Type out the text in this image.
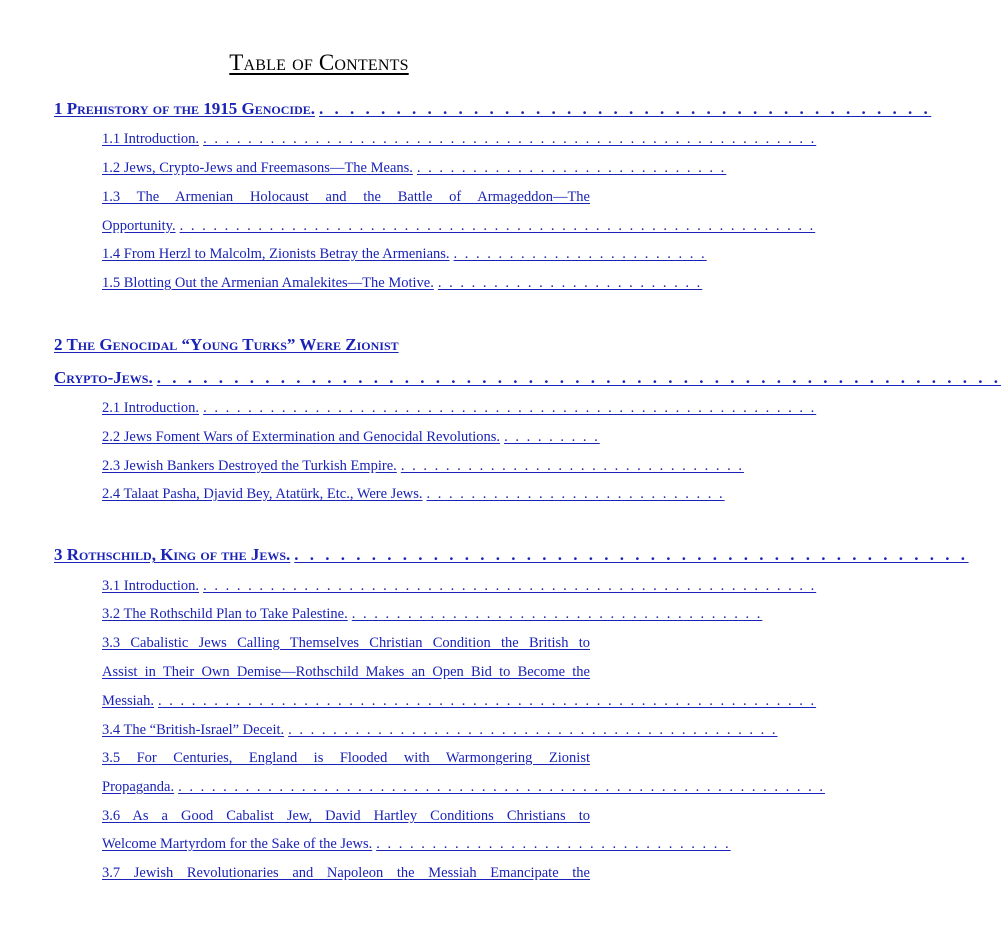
Table of Contents
1 Prehistory of the 1915 Genocide. . . . . . . . . . . . . . . . . . . . . . . . . . . . . . . . . . . . . . . . .
1.1 Introduction. . . . . . . . . . . . . . . . . . . . . . . . . . . . . . . . . . . . . . . . . . . . . . . . . . . . . . . .
1.2 Jews, Crypto-Jews and Freemasons—The Means. . . . . . . . . . . . . . . . . . . . . . . . . . . . .
1.3 The Armenian Holocaust and the Battle of Armageddon—The
Opportunity. . . . . . . . . . . . . . . . . . . . . . . . . . . . . . . . . . . . . . . . . . . . . . . . . . . . . . . . . .
1.4 From Herzl to Malcolm, Zionists Betray the Armenians. . . . . . . . . . . . . . . . . . . . . . . .
1.5 Blotting Out the Armenian Amalekites—The Motive. . . . . . . . . . . . . . . . . . . . . . . . .
2 The Genocidal “Young Turks” Were Zionist
Crypto-Jews. . . . . . . . . . . . . . . . . . . . . . . . . . . . . . . . . . . . . . . . . . . . . . . . . . . . . . . .
2.1 Introduction. . . . . . . . . . . . . . . . . . . . . . . . . . . . . . . . . . . . . . . . . . . . . . . . . . . . . . . .
2.2 Jews Foment Wars of Extermination and Genocidal Revolutions. . . . . . . . . .
2.3 Jewish Bankers Destroyed the Turkish Empire. . . . . . . . . . . . . . . . . . . . . . . . . . . . . . . .
2.4 Talaat Pasha, Djavid Bey, Atatürk, Etc., Were Jews. . . . . . . . . . . . . . . . . . . . . . . . . . . .
3 Rothschild, King of the Jews. . . . . . . . . . . . . . . . . . . . . . . . . . . . . . . . . . . . . . . . . . . . .
3.1 Introduction. . . . . . . . . . . . . . . . . . . . . . . . . . . . . . . . . . . . . . . . . . . . . . . . . . . . . . . .
3.2 The Rothschild Plan to Take Palestine. . . . . . . . . . . . . . . . . . . . . . . . . . . . . . . . . . . . . .
3.3 Cabalistic Jews Calling Themselves Christian Condition the British to
Assist in Their Own Demise—Rothschild Makes an Open Bid to Become the
Messiah. . . . . . . . . . . . . . . . . . . . . . . . . . . . . . . . . . . . . . . . . . . . . . . . . . . . . . . . . . . .
3.4 The “British-Israel” Deceit. . . . . . . . . . . . . . . . . . . . . . . . . . . . . . . . . . . . . . . . . . . . .
3.5 For Centuries, England is Flooded with Warmongering Zionist
Propaganda. . . . . . . . . . . . . . . . . . . . . . . . . . . . . . . . . . . . . . . . . . . . . . . . . . . . . . . . . . .
3.6 As a Good Cabalist Jew, David Hartley Conditions Christians to
Welcome Martyrdom for the Sake of the Jews. . . . . . . . . . . . . . . . . . . . . . . . . . . . . . . . .
3.7 Jewish Revolutionaries and Napoleon the Messiah Emancipate the
